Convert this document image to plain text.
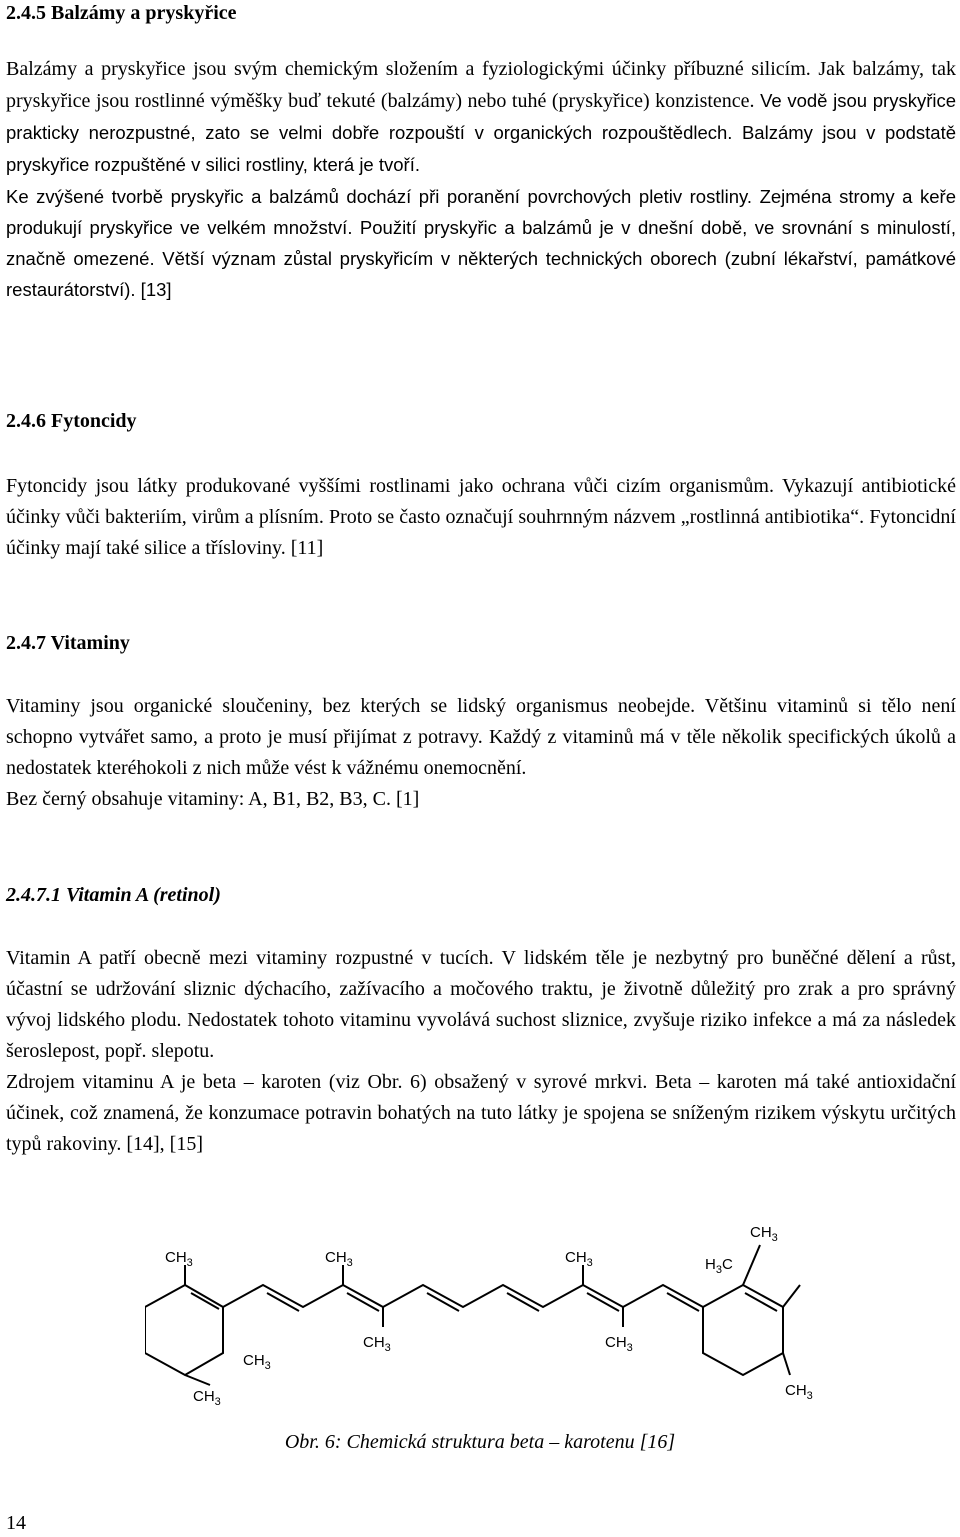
2.4.5 Balzámy a pryskyřice

Balzámy a pryskyřice jsou svým chemickým složením a fyziologickými účinky příbuzné silicím. Jak balzámy, tak pryskyřice jsou rostlinné výměšky buď tekuté (balzámy) nebo tuhé (pryskyřice) konzistence. Ve vodě jsou pryskyřice prakticky nerozpustné, zato se velmi dobře rozpouští v organických rozpouštědlech. Balzámy jsou v podstatě pryskyřice rozpuštěné v silici rostliny, která je tvoří.

Ke zvýšené tvorbě pryskyřic a balzámů dochází při poranění povrchových pletiv rostliny. Zejména stromy a keře produkují pryskyřice ve velkém množství. Použití pryskyřic a balzámů je v dnešní době, ve srovnání s minulostí, značně omezené. Větší význam zůstal pryskyřicím v některých technických oborech (zubní lékařství, památkové restaurátorství). [13]

2.4.6 Fytoncidy

Fytoncidy jsou látky produkované vyššími rostlinami jako ochrana vůči cizím organismům. Vykazují antibiotické účinky vůči bakteriím, virům a plísním. Proto se často označují souhrnným názvem „rostlinná antibiotika“. Fytoncidní účinky mají také silice a třísloviny. [11]

2.4.7 Vitaminy

Vitaminy jsou organické sloučeniny, bez kterých se lidský organismus neobejde. Většinu vitaminů si tělo není schopno vytvářet samo, a proto je musí přijímat z potravy. Každý z vitaminů má v těle několik specifických úkolů a nedostatek kteréhokoli z nich může vést k vážnému onemocnění.

Bez černý obsahuje vitaminy: A, B1, B2, B3, C. [1]

2.4.7.1 Vitamin A (retinol)

Vitamin A patří obecně mezi vitaminy rozpustné v tucích. V lidském těle je nezbytný pro buněčné dělení a růst, účastní se udržování sliznic dýchacího, zažívacího a močového traktu, je životně důležitý pro zrak a pro správný vývoj lidského plodu. Nedostatek tohoto vitaminu vyvolává suchost sliznice, zvyšuje riziko infekce a má za následek šeroslepost, popř. slepotu.

Zdrojem vitaminu A je beta – karoten (viz Obr. 6) obsažený v syrové mrkvi. Beta – karoten má také antioxidační účinek, což znamená, že konzumace potravin bohatých na tuto látky je spojena se sníženým rizikem výskytu určitých typů rakoviny. [14], [15]

$CH_3$
$CH_3$
$CH_3$
$CH_3$
$CH_3$
$CH_3$
$CH_3$
$H_3C$
$CH_3$
$CH_3$
Obr. 6: Chemická struktura beta – karotenu [16]
14
